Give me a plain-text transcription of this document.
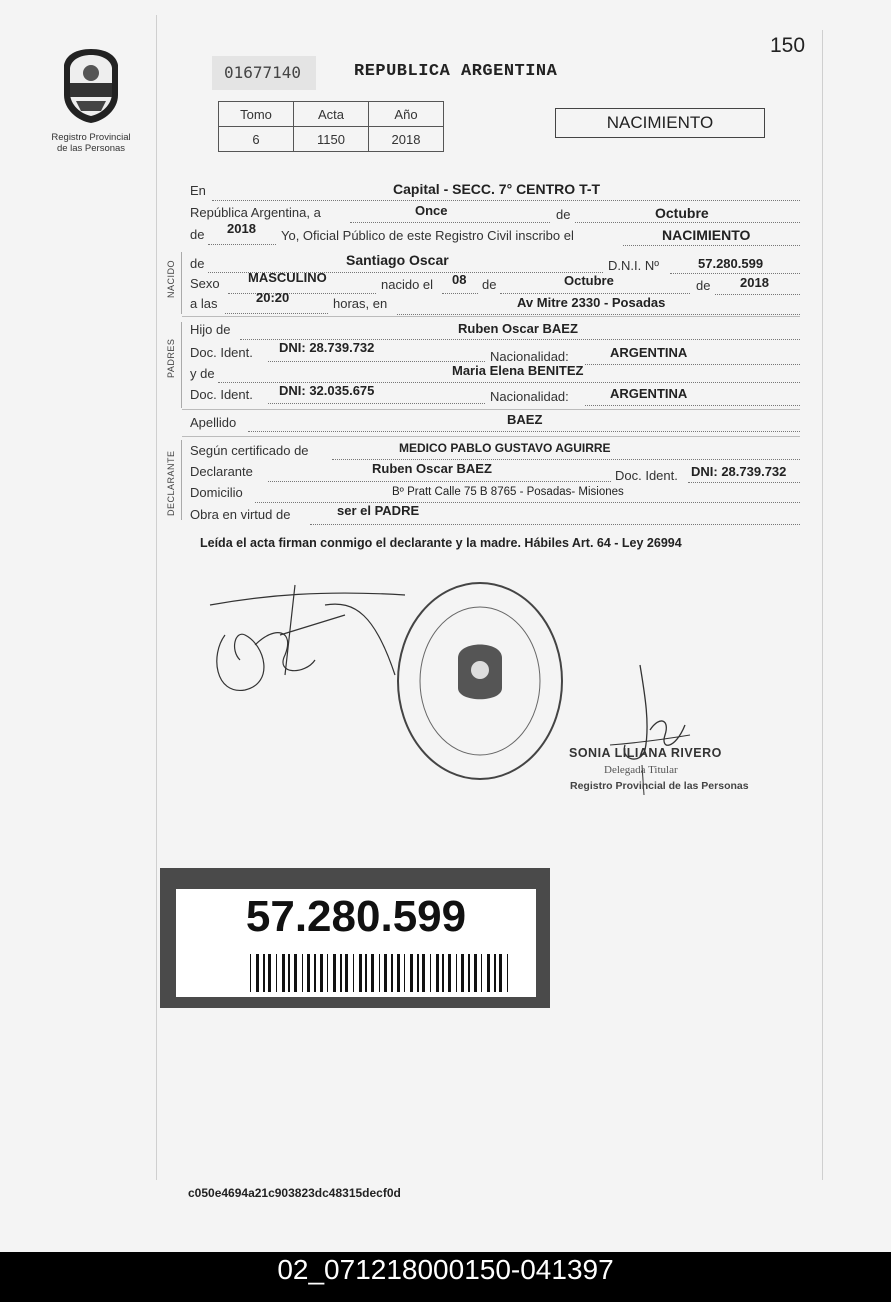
150
Registro Provincial de las Personas
01677140	REPUBLICA ARGENTINA
Tomo	Acta	Año
6	1150	2018
NACIMIENTO
En	Capital - SECC. 7° CENTRO T-T
República Argentina, a	Once	de	Octubre
de 2018 Yo, Oficial Público de este Registro Civil inscribo el	NACIMIENTO
NACIDO de	Santiago Oscar	D.N.I. Nº	57.280.599
Sexo MASCULINO	nacido el 08 de	Octubre	de 2018
a las	20:20	horas, en	Av Mitre 2330 - Posadas
PADRES
Hijo de	Ruben Oscar BAEZ
Doc. Ident. DNI: 28.739.732
Nacionalidad:	ARGENTINA
y de	Maria Elena BENITEZ
Doc. Ident. DNI: 32.035.675	Nacionalidad:	ARGENTINA
Apellido	BAEZ
DECLARANTE Según certificado de	MEDICO PABLO GUSTAVO AGUIRRE
Declarante	Ruben Oscar BAEZ	Doc. Ident. DNI: 28.739.732
Domicilio	Bº Pratt Calle 75 B 8765 - Posadas- Misiones
Obra en virtud de	ser el PADRE
Leída el acta firman conmigo el declarante y la madre. Hábiles Art. 64 - Ley 26994
SONIA LILIANA RIVERO
Delegada Titular
Registro Provincial de las Personas
57.280.599
c050e4694a21c903823dc48315decf0d
02_071218000150-041397
